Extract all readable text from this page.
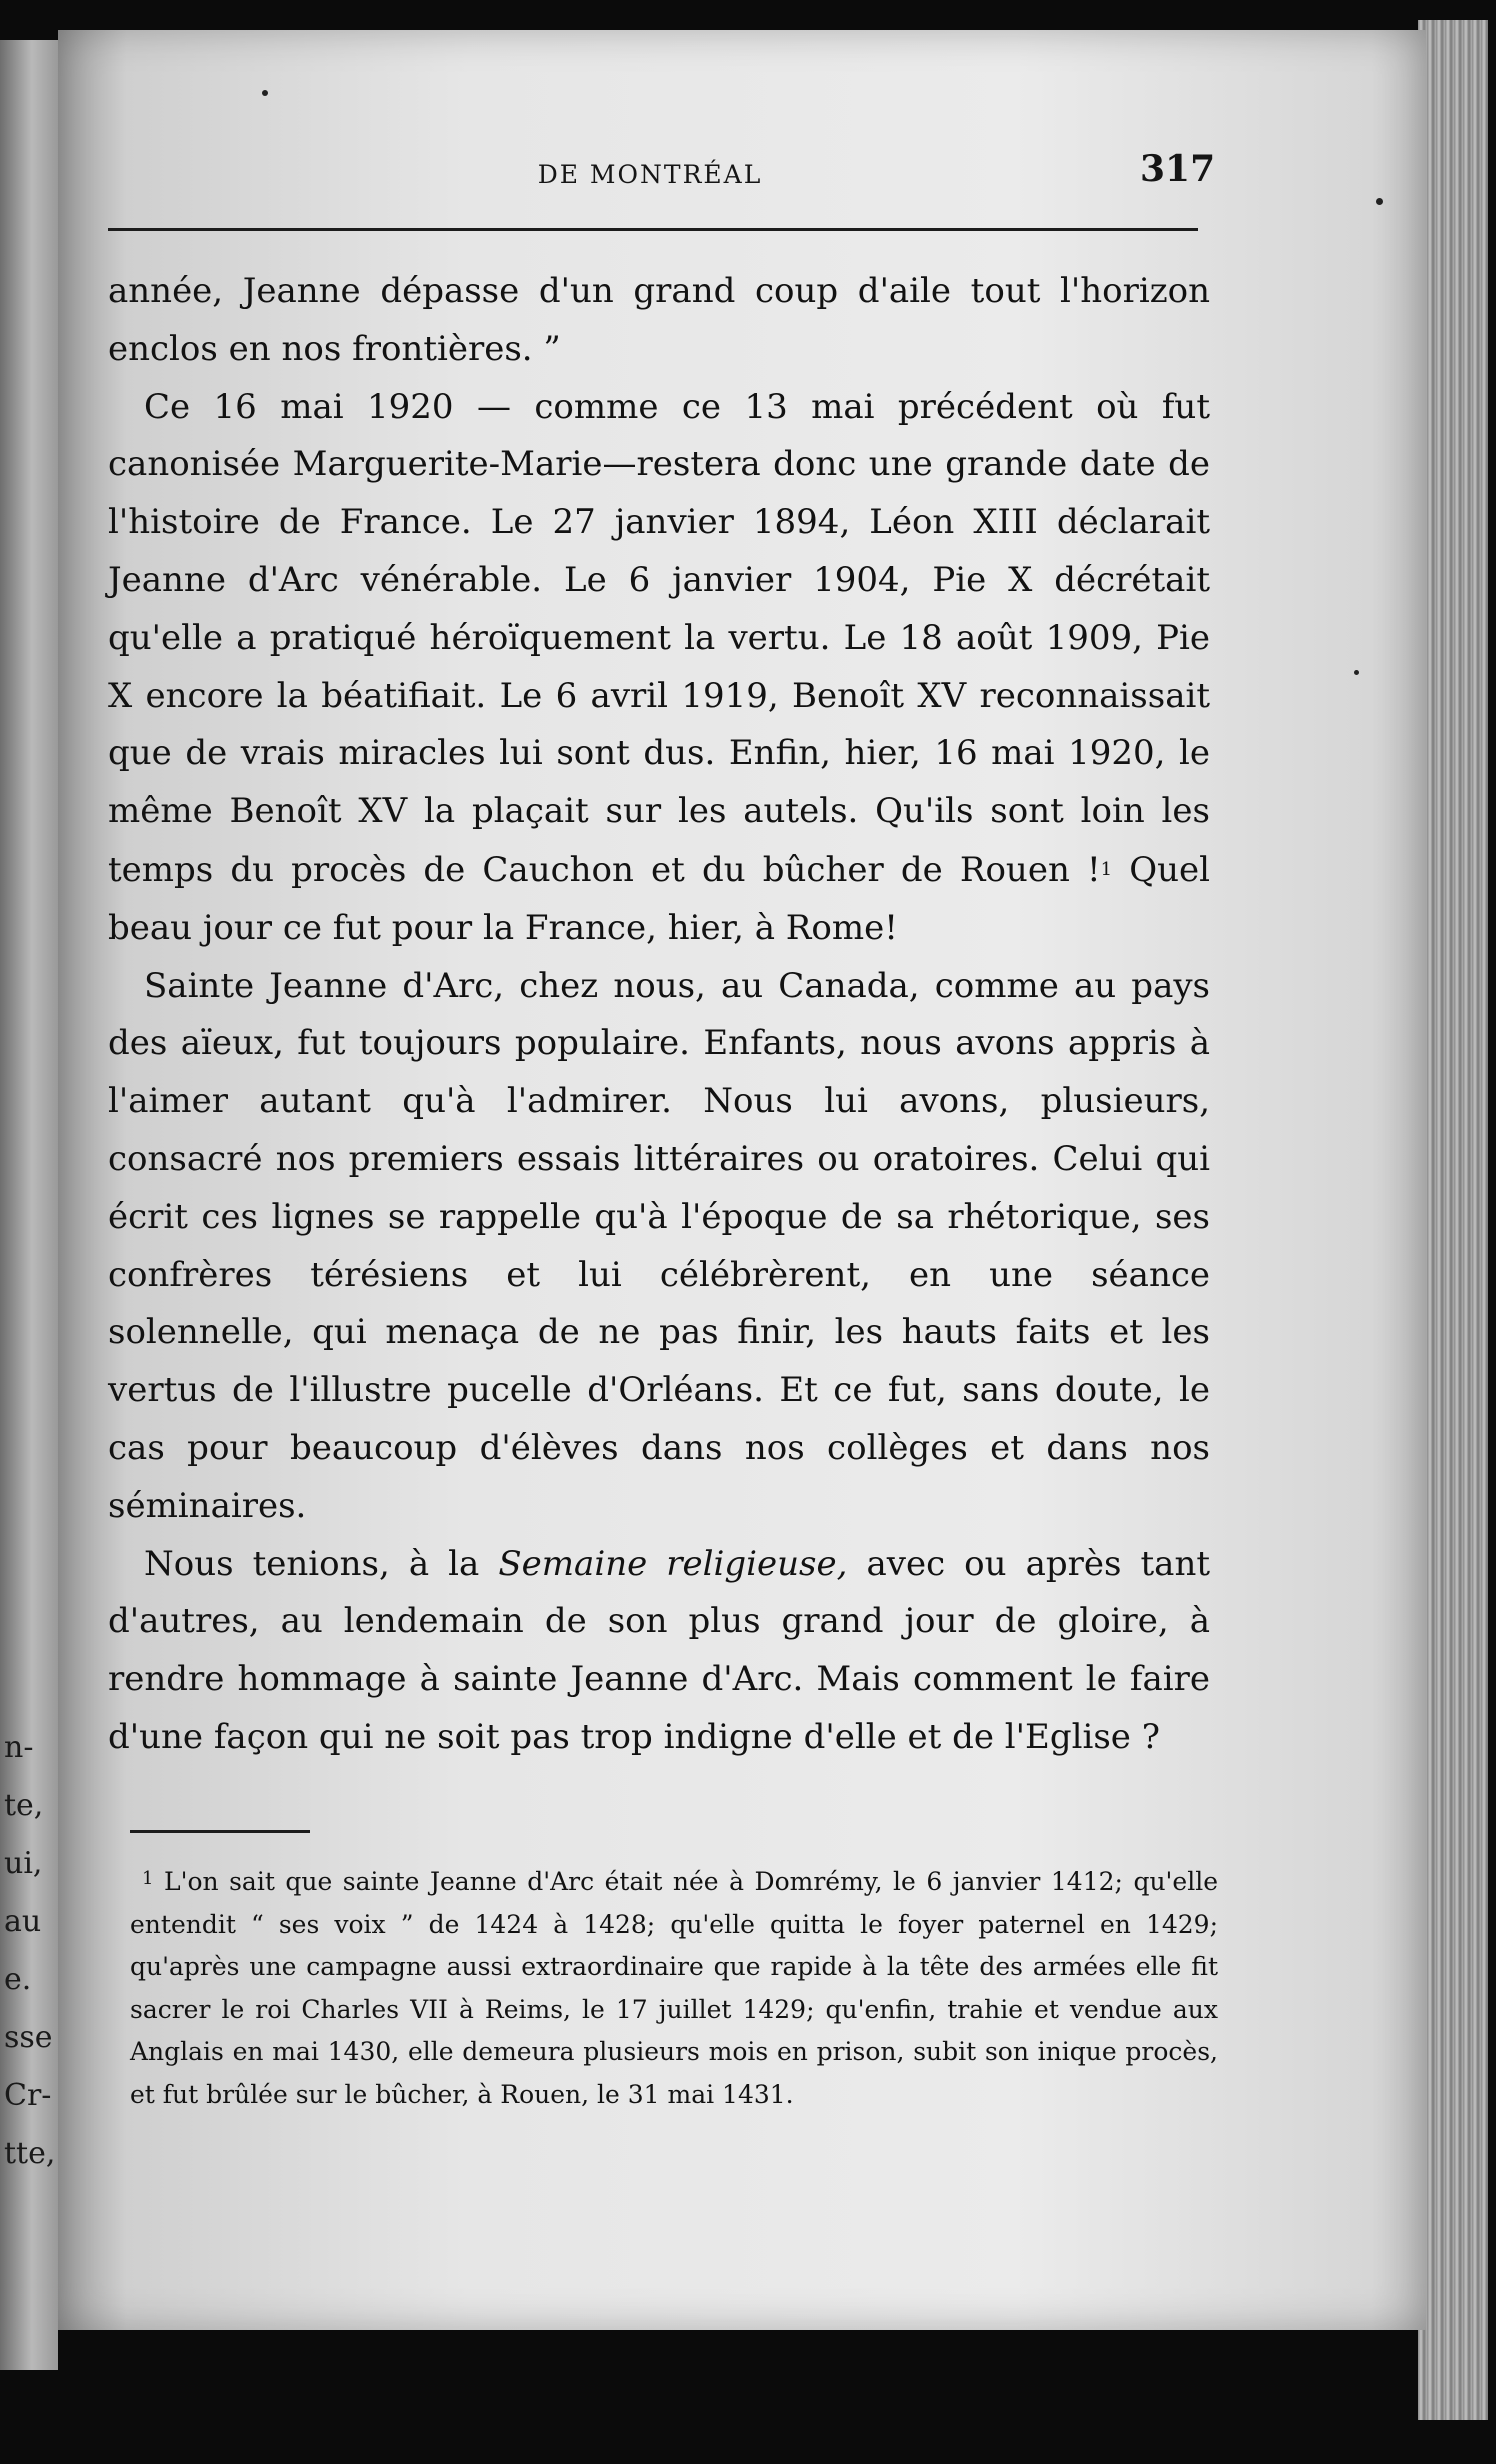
n-
te,
ui,
au
e.
sse
Cr-
tte,
DE MONTRÉAL	317

année, Jeanne dépasse d'un grand coup d'aile tout l'horizon enclos en nos frontières. ”

Ce 16 mai 1920 — comme ce 13 mai précédent où fut canonisée Marguerite-Marie—restera donc une grande date de l'histoire de France. Le 27 janvier 1894, Léon XIII déclarait Jeanne d'Arc vénérable. Le 6 janvier 1904, Pie X décrétait qu'elle a pratiqué héroïquement la vertu. Le 18 août 1909, Pie X encore la béatifiait. Le 6 avril 1919, Benoît XV reconnaissait que de vrais miracles lui sont dus. Enfin, hier, 16 mai 1920, le même Benoît XV la plaçait sur les autels. Qu'ils sont loin les temps du procès de Cauchon et du bûcher de Rouen !$^1$ Quel beau jour ce fut pour la France, hier, à Rome!

Sainte Jeanne d'Arc, chez nous, au Canada, comme au pays des aïeux, fut toujours populaire. Enfants, nous avons appris à l'aimer autant qu'à l'admirer. Nous lui avons, plusieurs, consacré nos premiers essais littéraires ou oratoires. Celui qui écrit ces lignes se rappelle qu'à l'époque de sa rhétorique, ses confrères térésiens et lui célébrèrent, en une séance solennelle, qui menaça de ne pas finir, les hauts faits et les vertus de l'illustre pucelle d'Orléans. Et ce fut, sans doute, le cas pour beaucoup d'élèves dans nos collèges et dans nos séminaires.

Nous tenions, à la Semaine religieuse, avec ou après tant d'autres, au lendemain de son plus grand jour de gloire, à rendre hommage à sainte Jeanne d'Arc. Mais comment le faire d'une façon qui ne soit pas trop indigne d'elle et de l'Eglise ?

$^1$ L'on sait que sainte Jeanne d'Arc était née à Domrémy, le 6 janvier 1412; qu'elle entendit “ ses voix ” de 1424 à 1428; qu'elle quitta le foyer paternel en 1429; qu'après une campagne aussi extraordinaire que rapide à la tête des armées elle fit sacrer le roi Charles VII à Reims, le 17 juillet 1429; qu'enfin, trahie et vendue aux Anglais en mai 1430, elle demeura plusieurs mois en prison, subit son inique procès, et fut brûlée sur le bûcher, à Rouen, le 31 mai 1431.
